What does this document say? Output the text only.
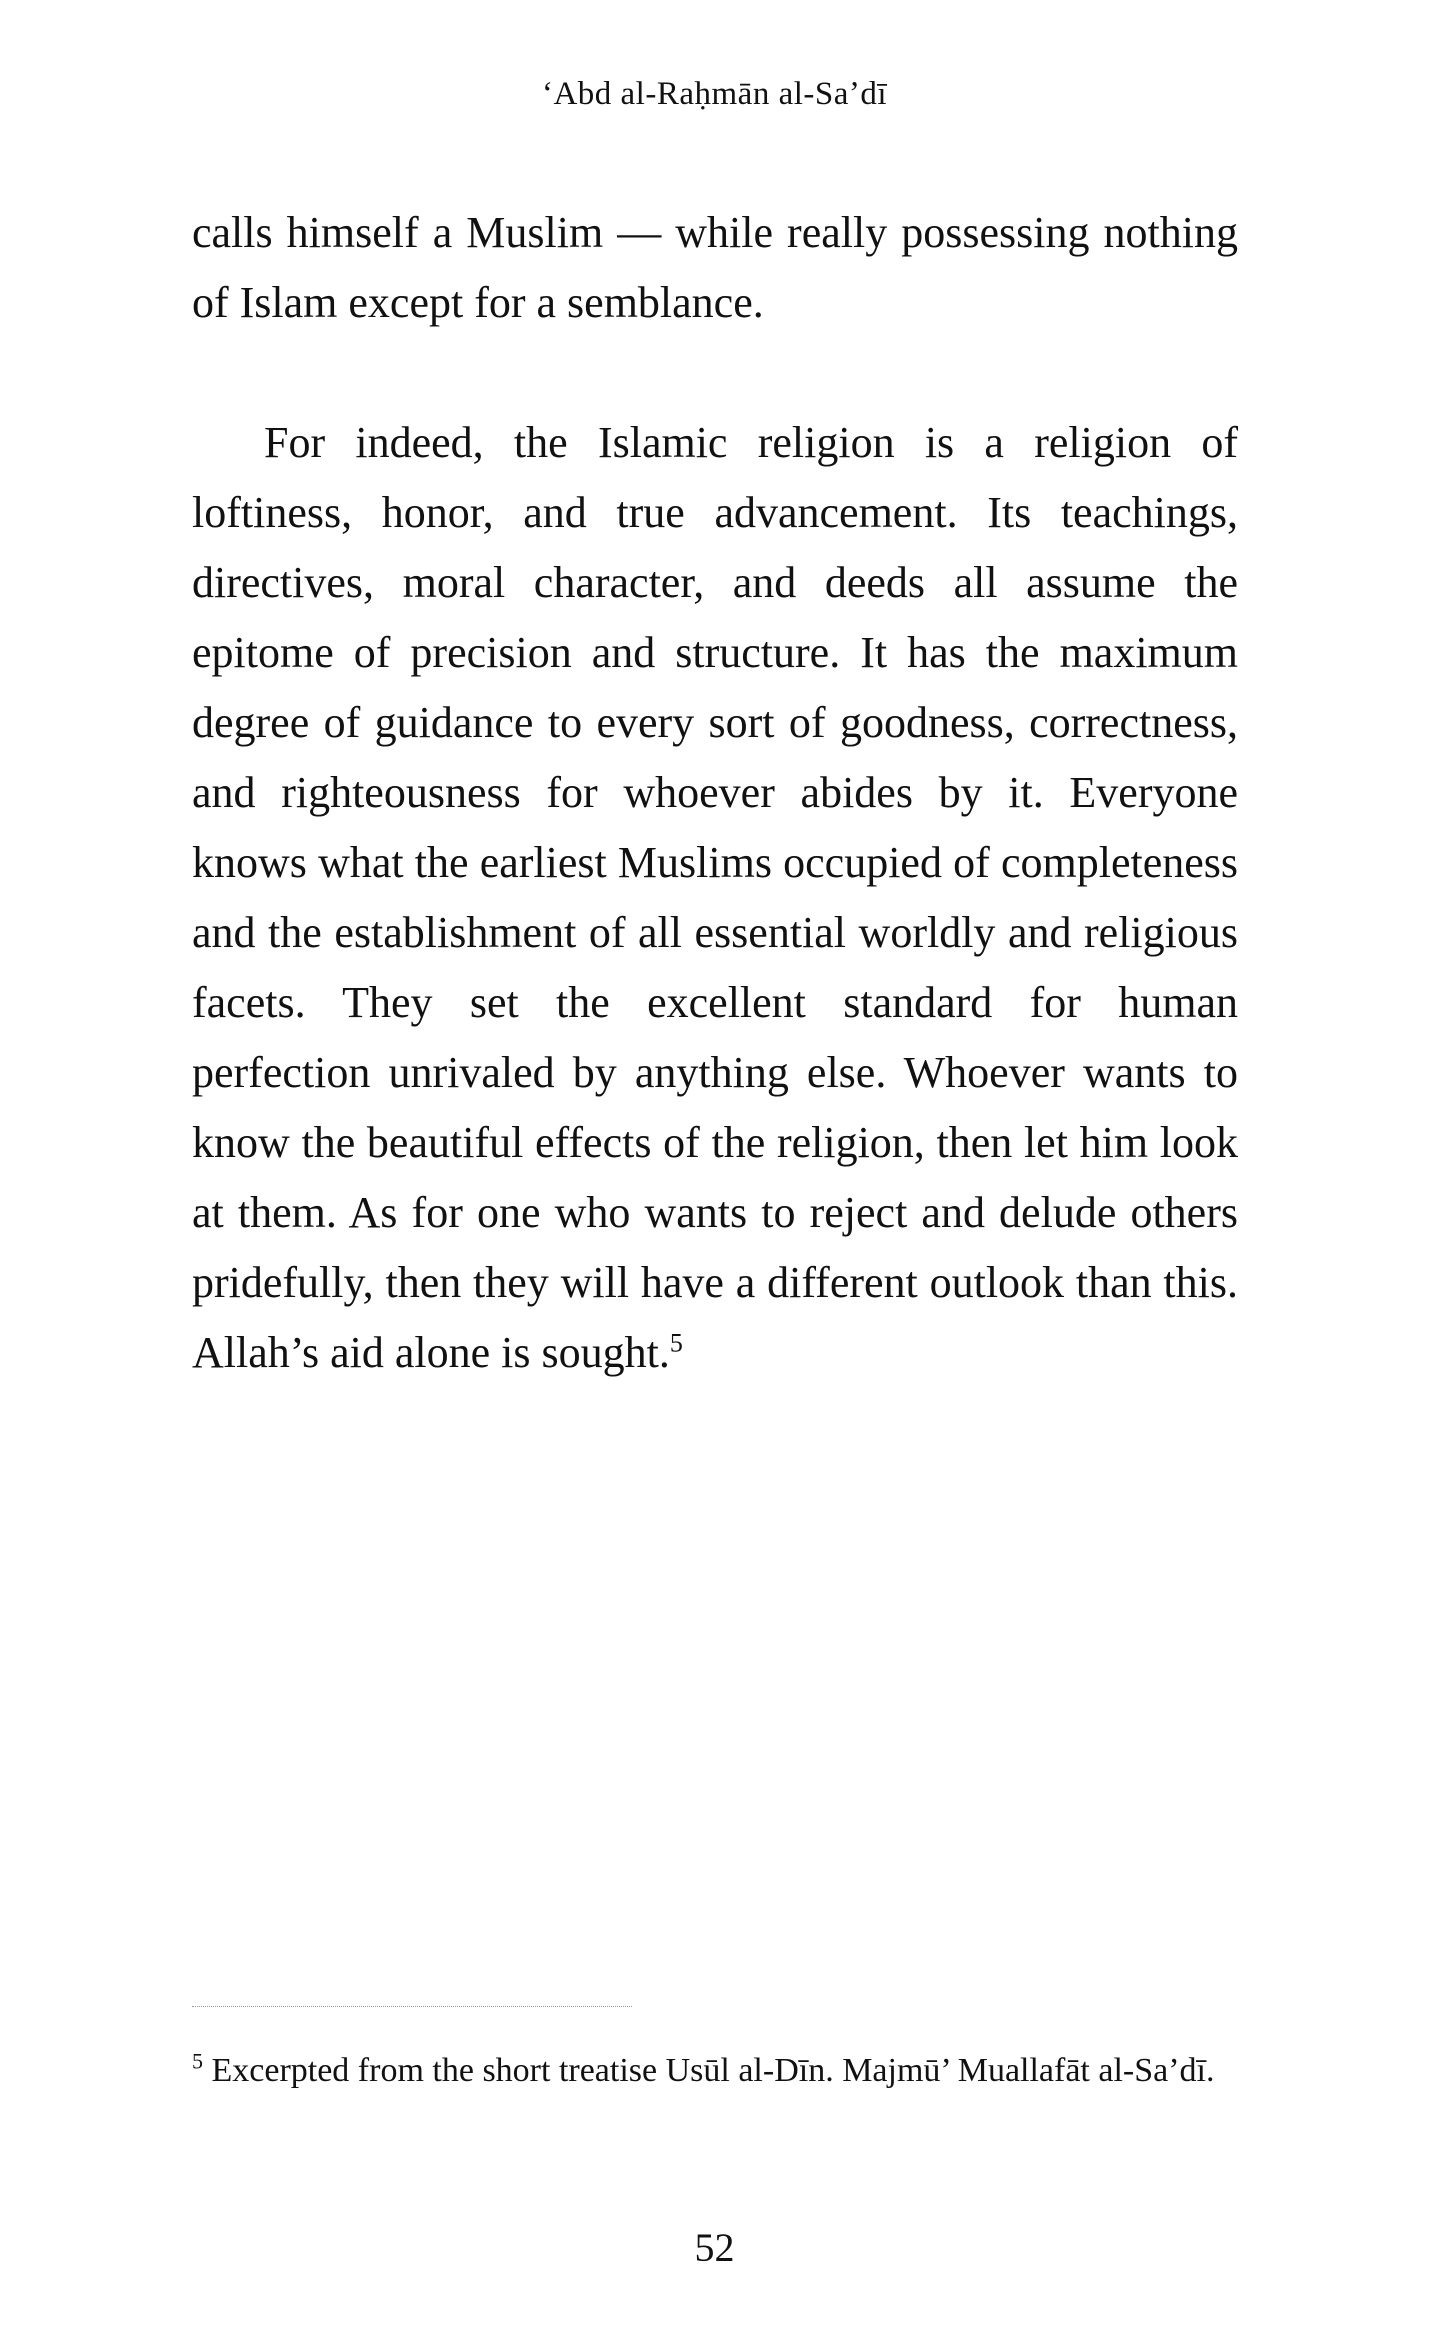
ʻAbd al-Raḥmān al-Saʼdī

calls himself a Muslim — while really possessing nothing of Islam except for a semblance.

For indeed, the Islamic religion is a religion of loftiness, honor, and true advancement. Its teachings, directives, moral character, and deeds all assume the epitome of precision and structure. It has the maximum degree of guidance to every sort of goodness, correctness, and righteousness for whoever abides by it. Everyone knows what the earliest Muslims occupied of completeness and the establishment of all essential worldly and religious facets. They set the excellent standard for human perfection unrivaled by anything else. Whoever wants to know the beautiful effects of the religion, then let him look at them. As for one who wants to reject and delude others pridefully, then they will have a different outlook than this. Allah’s aid alone is sought.$^5$

$^5$ Excerpted from the short treatise Usūl al-Dīn. Majmū’ Muallafāt al-Sa’dī.

52
